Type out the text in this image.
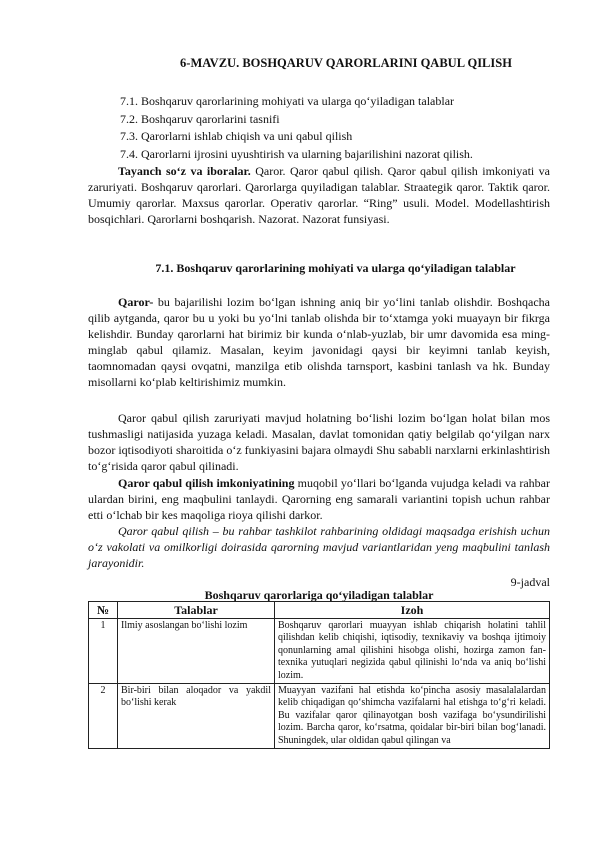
6-MAVZU. BOSHQARUV QARORLARINI QABUL QILISH
7.1. Boshqaruv qarorlarining mohiyati va ularga qo‘yiladigan talablar
7.2. Boshqaruv qarorlarini tasnifi
7.3. Qarorlarni ishlab chiqish va uni qabul qilish
7.4. Qarorlarni ijrosini uyushtirish va ularning bajarilishini nazorat qilish.
Tayanch so‘z va iboralar. Qaror. Qaror qabul qilish. Qaror qabul qilish imkoniyati va zaruriyati. Boshqaruv qarorlari. Qarorlarga quyiladigan talablar. Straategik qaror. Taktik qaror. Umumiy qarorlar. Maxsus qarorlar. Operativ qarorlar. “Ring” usuli. Model. Modellashtirish bosqichlari. Qarorlarni boshqarish. Nazorat. Nazorat funsiyasi.
7.1. Boshqaruv qarorlarining mohiyati va ularga qo‘yiladigan talablar
Qaror- bu bajarilishi lozim bo‘lgan ishning aniq bir yo‘lini tanlab olishdir. Boshqacha qilib aytganda, qaror bu u yoki bu yo‘lni tanlab olishda bir to‘xtamga yoki muayayn bir fikrga kelishdir. Bunday qarorlarni hat birimiz bir kunda o‘nlab-yuzlab, bir umr davomida esa ming-minglab qabul qilamiz. Masalan, keyim javonidagi qaysi bir keyimni tanlab keyish, taomnomadan qaysi ovqatni, manzilga etib olishda tarnsport, kasbini tanlash va hk. Bunday misollarni ko‘plab keltirishimiz mumkin.
Qaror qabul qilish zaruriyati mavjud holatning bo‘lishi lozim bo‘lgan holat bilan mos tushmasligi natijasida yuzaga keladi. Masalan, davlat tomonidan qatiy belgilab qo‘yilgan narx bozor iqtisodiyoti sharoitida o‘z funkiyasini bajara olmaydi Shu sababli narxlarni erkinlashtirish to‘g‘risida qaror qabul qilinadi.
Qaror qabul qilish imkoniyatining muqobil yo‘llari bo‘lganda vujudga keladi va rahbar ulardan birini, eng maqbulini tanlaydi. Qarorning eng samarali variantini topish uchun rahbar etti o‘lchab bir kes maqoliga rioya qilishi darkor.
Qaror qabul qilish – bu rahbar tashkilot rahbarining oldidagi maqsadga erishish uchun o‘z vakolati va omilkorligi doirasida qarorning mavjud variantlaridan yeng maqbulini tanlash jarayonidir.
9-jadval
Boshqaruv qarorlariga qo‘yiladigan talablar
№	Talablar	Izoh
1	Ilmiy asoslangan bo‘lishi lozim	Boshqaruv qarorlari muayyan ishlab chiqarish holatini tahlil qilishdan kelib chiqishi, iqtisodiy, texnikaviy va boshqa ijtimoiy qonunlarning amal qilishini hisobga olishi, hozirga zamon fan-texnika yutuqlari negizida qabul qilinishi lo‘nda va aniq bo‘lishi lozim.
2	Bir-biri bilan aloqador va yakdil bo‘lishi kerak	Muayyan vazifani hal etishda ko‘pincha asosiy masalalalardan kelib chiqadigan qo‘shimcha vazifalarni hal etishga to‘g‘ri keladi. Bu vazifalar qaror qilinayotgan bosh vazifaga bo‘ysundirilishi lozim. Barcha qaror, ko‘rsatma, qoidalar bir-biri bilan bog‘lanadi. Shuningdek, ular oldidan qabul qilingan va
